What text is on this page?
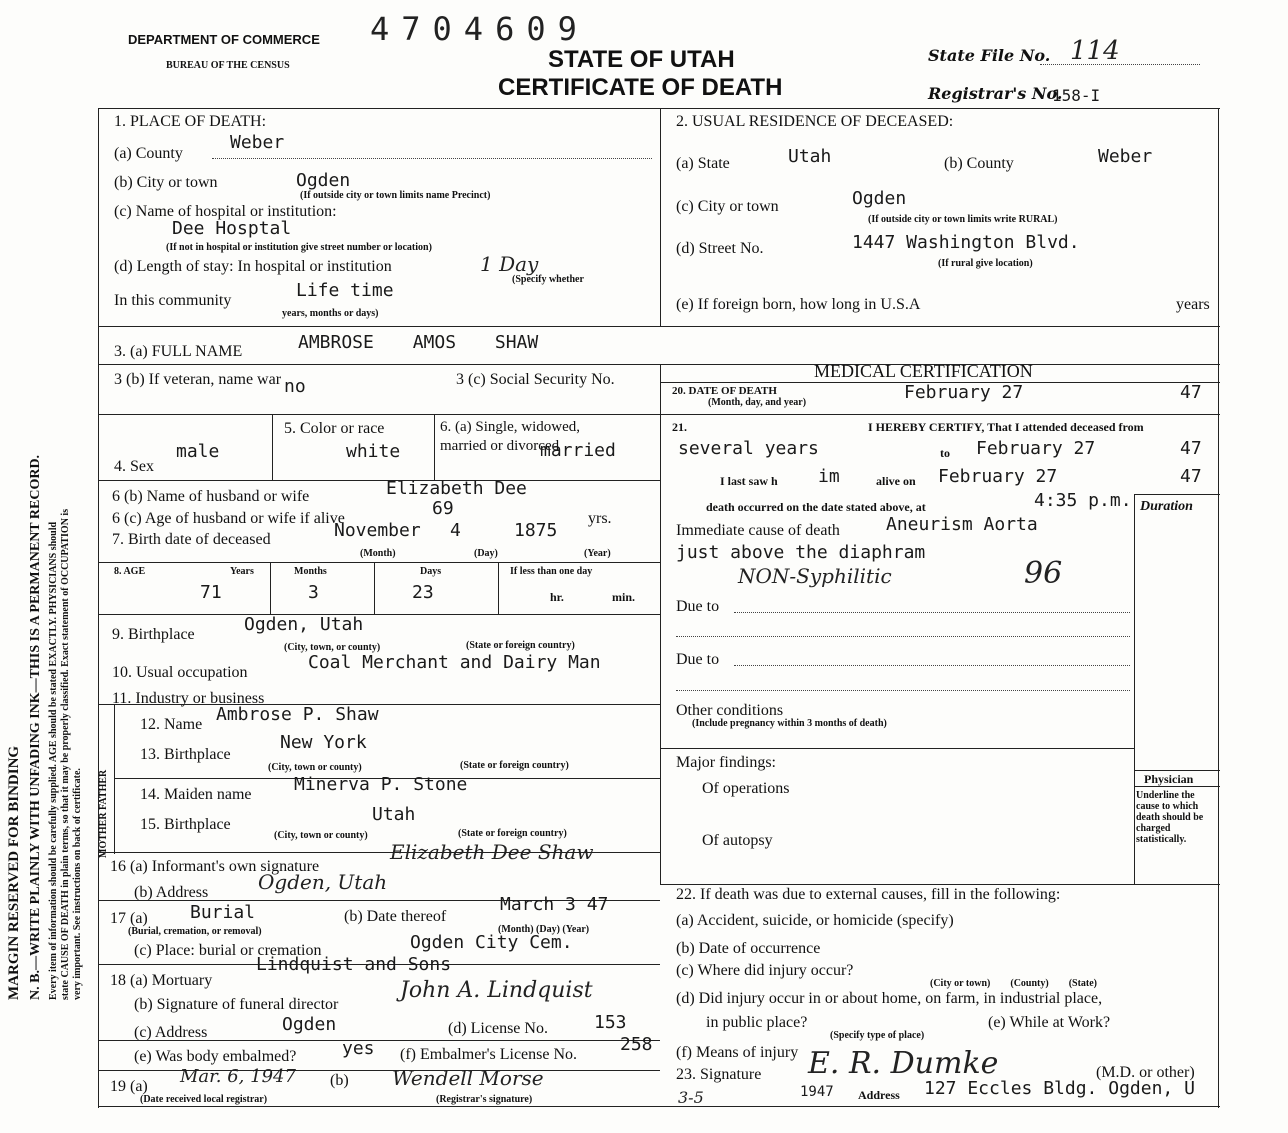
MARGIN RESERVED FOR BINDING N. B.—WRITE PLAINLY WITH UNFADING INK—THIS IS A PERMANENT RECORD. Every item of information should be carefully supplied. AGE should be stated EXACTLY. PHYSICIANS should state CAUSE OF DEATH in plain terms, so that it may be properly classified. Exact statement of OCCUPATION is very important. See instructions on back of certificate.
DEPARTMENT OF COMMERCE
BUREAU OF THE CENSUS
4704609
STATE OF UTAH
CERTIFICATE OF DEATH
State File No. 114
Registrar's No.
158-I
1. PLACE OF DEATH:
(a) County
Weber
(b) City or town	Ogden
(If outside city or town limits name Precinct)
(c) Name of hospital or institution:
Dee Hosptal
(If not in hospital or institution give street number or location)
(d) Length of stay: In hospital or institution	1 Day
(Specify whether
In this community	Life time
years, months or days)
2. USUAL RESIDENCE OF DECEASED:
(a) State	Utah	(b) County	Weber
(c) City or town	Ogden
(If outside city or town limits write RURAL)
(d) Street No.	1447 Washington Blvd.
(If rural give location)
(e) If foreign born, how long in U.S.A	years
3. (a) FULL NAME	AMBROSE AMOS SHAW
MEDICAL CERTIFICATION
20. DATE OF DEATH
(Month, day, and year)	February 27	47
21.	I HEREBY CERTIFY, That I attended deceased from
several years	to February 27	47
I last saw h im	alive on February 27	47
death occurred on the date stated above, at	4:35 p.m. Duration
Immediate cause of death	Aneurism Aorta
just above the diaphram
NON-Syphilitic	96
Due to
Due to
Other conditions
(Include pregnancy within 3 months of death)
Major findings:
Of operations
Of autopsy
Physician
Underline the cause to which death should be charged statistically.
22. If death was due to external causes, fill in the following:
(a) Accident, suicide, or homicide (specify)
(b) Date of occurrence
(c) Where did injury occur?
(City or town)        (County)        (State)
(d) Did injury occur in or about home, on farm, in industrial place,
in public place?
(Specify type of place)
(e) While at Work?
(f) Means of injury
23. Signature E. R. Dumke	(M.D. or other)
3-5	1947 Address 127 Eccles Bldg. Ogden, U
3 (b) If veteran, name war no	3 (c) Social Security No.
4. Sex
male
5. Color or race
white
6. (a) Single, widowed, married or divorced
married
6 (b) Name of husband or wife	Elizabeth Dee
6 (c) Age of husband or wife if alive	69	yrs.
7. Birth date of deceased	November 4	1875
(Month)	(Day)	(Year)
8. AGE	Years	Months	Days	If less than one day
71	3	23	hr.	min.
9. Birthplace	Ogden, Utah
(City, town, or county)	(State or foreign country)
10. Usual occupation	Coal Merchant and Dairy Man
11. Industry or business
MOTHER FATHER
12. Name Ambrose P. Shaw
13. Birthplace
New York
(City, town or county)	(State or foreign country)
14. Maiden name Minerva P. Stone
15. Birthplace	Utah
(City, town or county)	(State or foreign country)
16 (a) Informant's own signature
Elizabeth Dee Shaw
(b) Address Ogden, Utah
17 (a) Burial
(Burial, cremation, or removal)
(b) Date thereof
March 3 47
(Month) (Day) (Year)
(c) Place: burial or cremation	Ogden City Cem.
18 (a) Mortuary
Lindquist and Sons
(b) Signature of funeral director
John A. Lindquist
(c) Address	Ogden	(d) License No.	153
(e) Was body embalmed?	yes (f) Embalmer's License No. 258
19 (a) Mar. 6, 1947 (b) Wendell Morse
(Date received local registrar)	(Registrar's signature)
